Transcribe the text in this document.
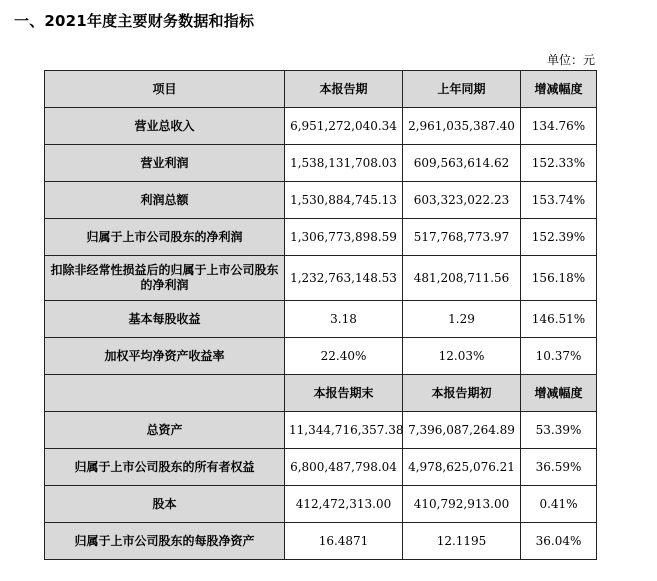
一、2021年度主要财务数据和指标
单位：元
项目	本报告期	上年同期	增减幅度
营业总收入	6,951,272,040.34	2,961,035,387.40	134.76%
营业利润	1,538,131,708.03	609,563,614.62	152.33%
利润总额	1,530,884,745.13	603,323,022.23	153.74%
归属于上市公司股东的净利润	1,306,773,898.59	517,768,773.97	152.39%
扣除非经常性损益后的归属于上市公司股东的净利润	1,232,763,148.53	481,208,711.56	156.18%
基本每股收益	3.18	1.29	146.51%
加权平均净资产收益率	22.40%	12.03%	10.37%
	本报告期末	本报告期初	增减幅度
总资产	11,344,716,357.38	7,396,087,264.89	53.39%
归属于上市公司股东的所有者权益	6,800,487,798.04	4,978,625,076.21	36.59%
股本	412,472,313.00	410,792,913.00	0.41%
归属于上市公司股东的每股净资产	16.4871	12.1195	36.04%
